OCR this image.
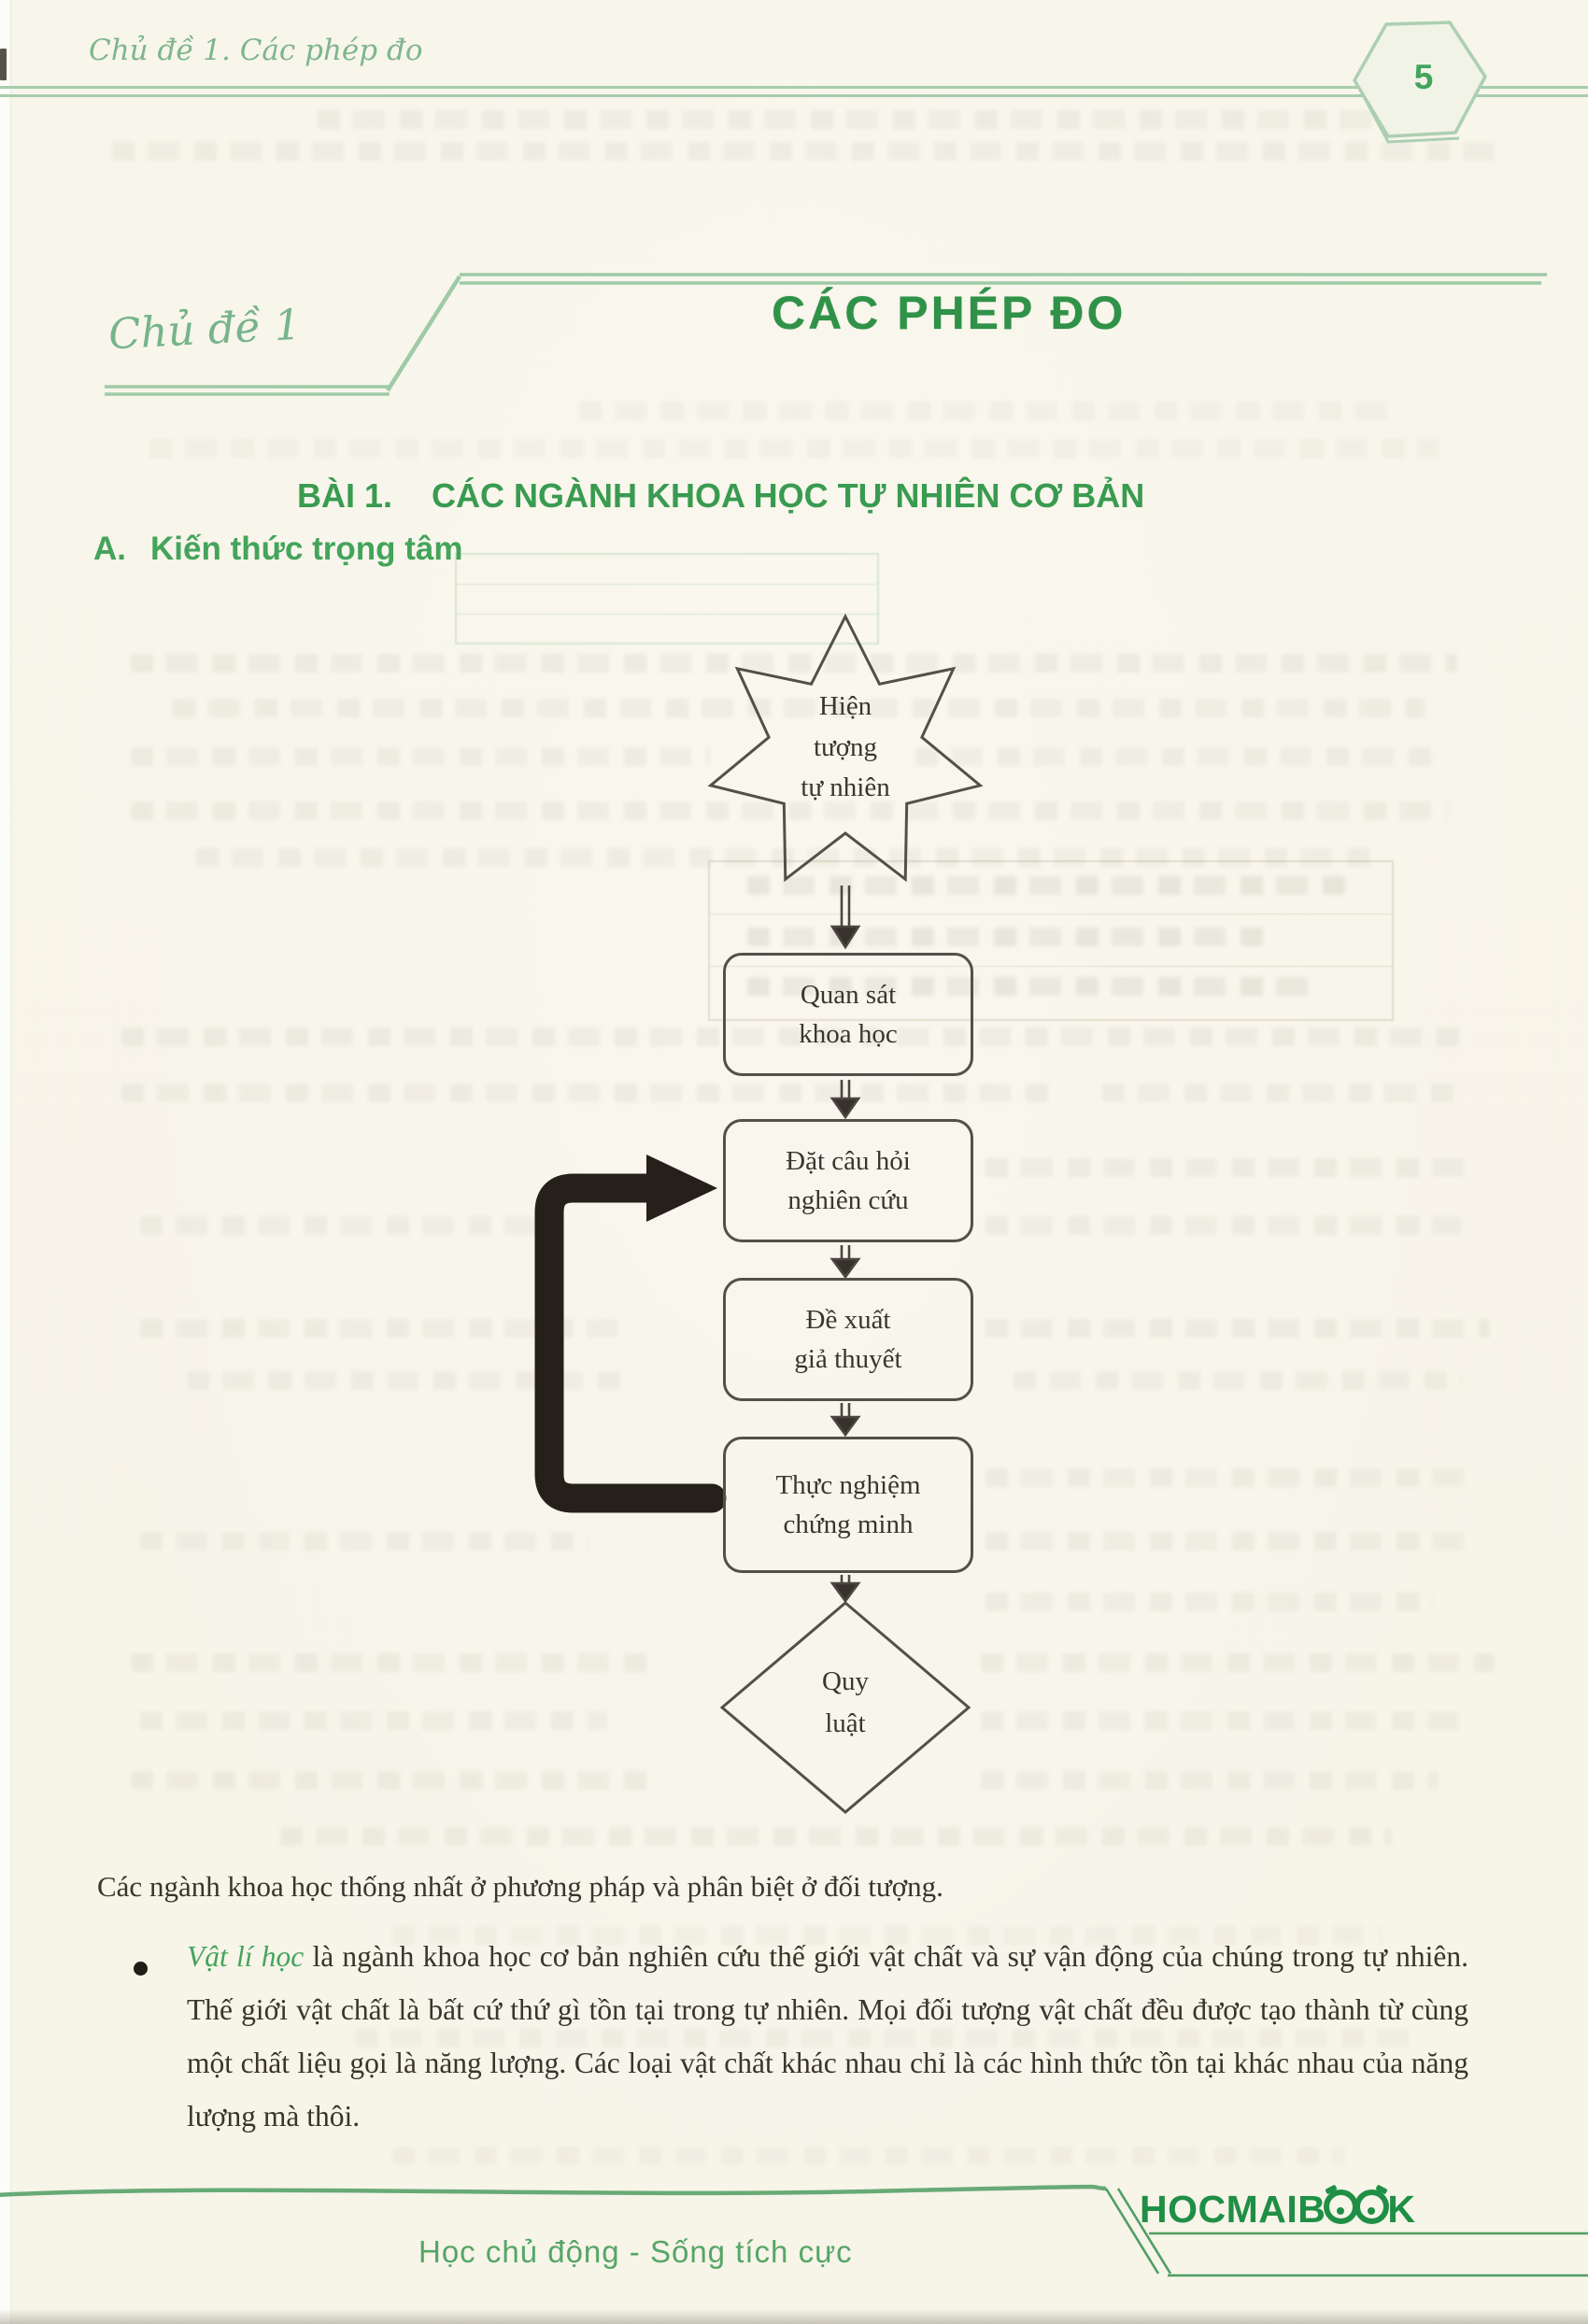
Chủ đề 1. Các phép đo
5
Chủ đề 1	CÁC PHÉP ĐO
BÀI 1. CÁC NGÀNH KHOA HỌC TỰ NHIÊN CƠ BẢN
A. Kiến thức trọng tâm
Hiện
tượng
tự nhiên
Quan sát
khoa học
Đặt câu hỏi
nghiên cứu
Đề xuất
giả thuyết
Thực nghiệm
chứng minh
Quy
luật
Các ngành khoa học thống nhất ở phương pháp và phân biệt ở đối tượng.

Vật lí học là ngành khoa học cơ bản nghiên cứu thế giới vật chất và sự vận động của chúng trong tự nhiên. Thế giới vật chất là bất cứ thứ gì tồn tại trong tự nhiên. Mọi đối tượng vật chất đều được tạo thành từ cùng một chất liệu gọi là năng lượng. Các loại vật chất khác nhau chỉ là các hình thức tồn tại khác nhau của năng lượng mà thôi.

HOCMAIB K
Học chủ động - Sống tích cực
